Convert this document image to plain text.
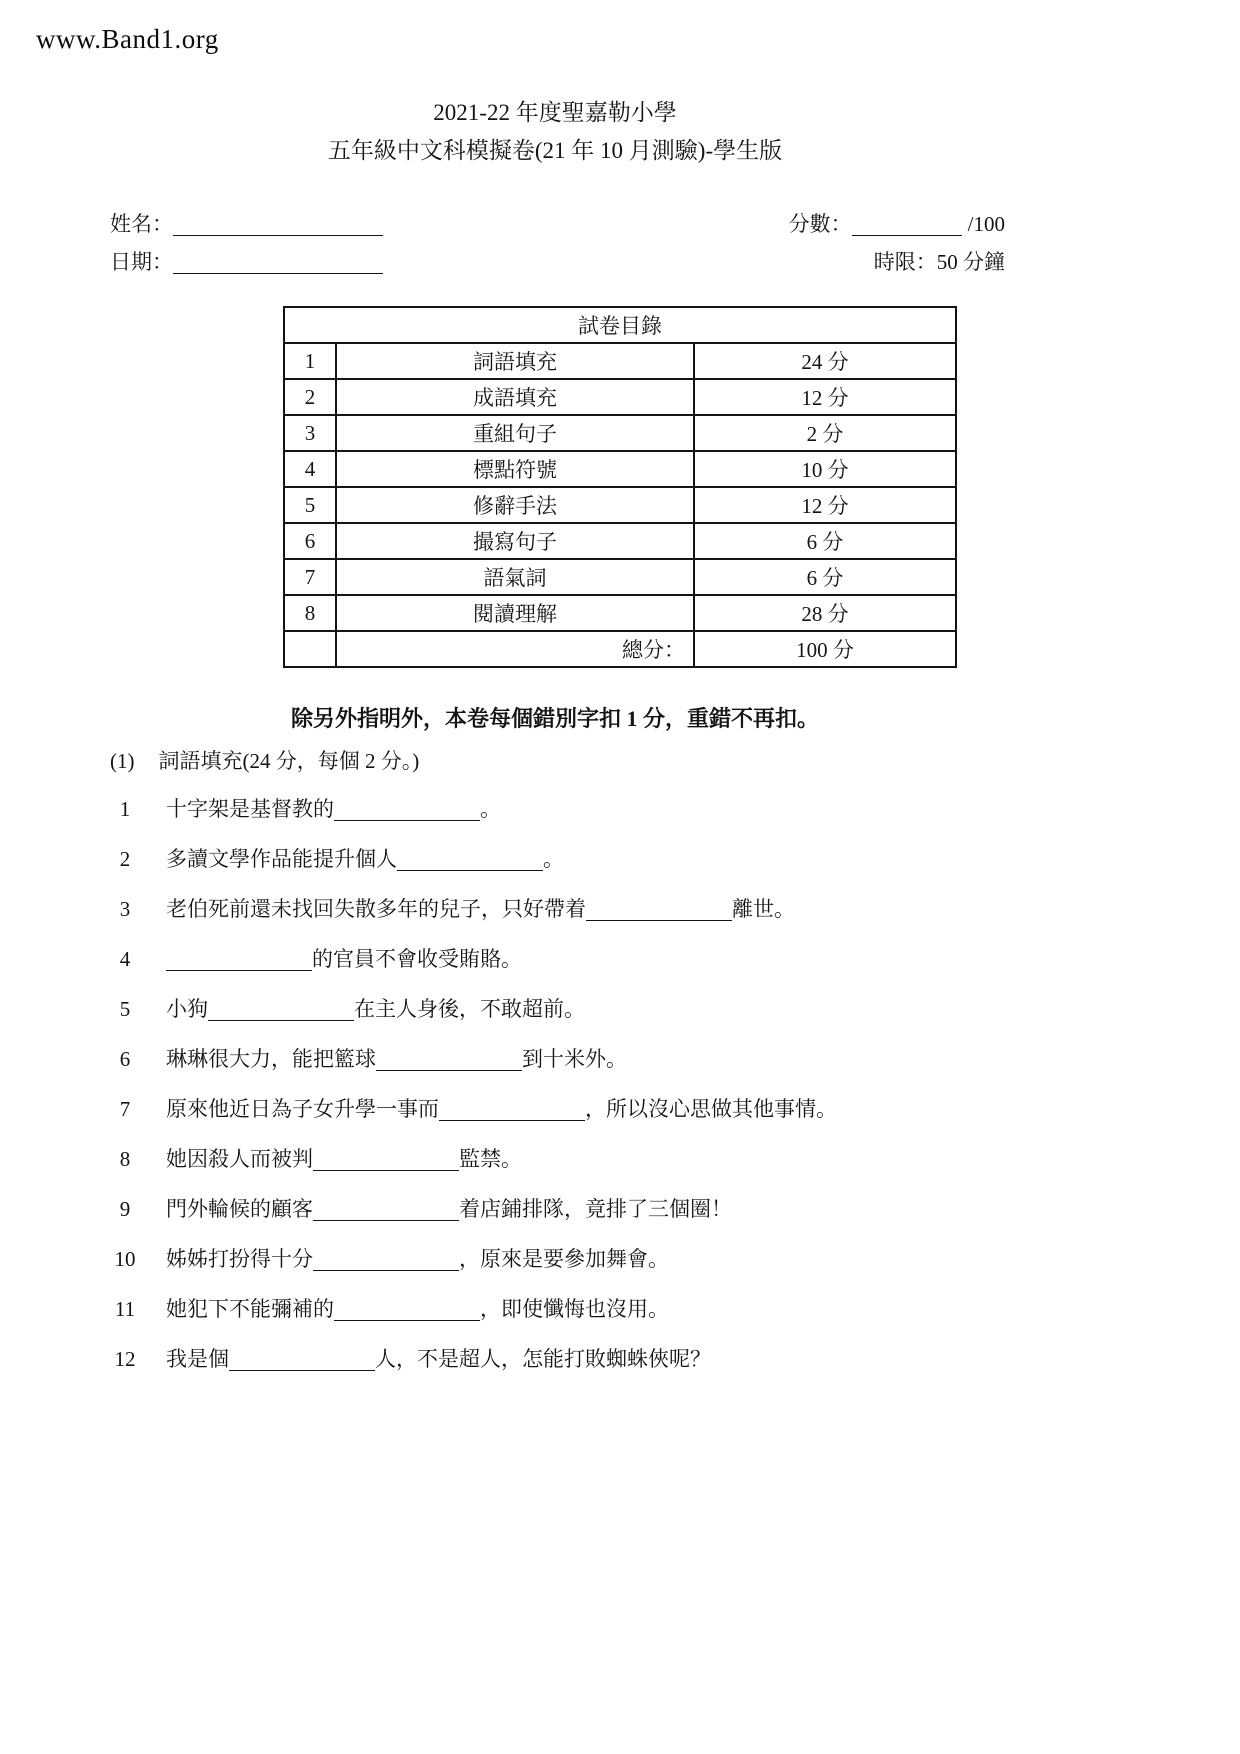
www.Band1.org
2021-22 年度聖嘉勒小學
五年級中文科模擬卷(21 年 10 月測驗)-學生版
姓名：	分數：	/100
日期：	時限：50 分鐘
試卷目錄		
1	詞語填充	24 分
2	成語填充	12 分
3	重組句子	2 分
4	標點符號	10 分
5	修辭手法	12 分
6	撮寫句子	6 分
7	語氣詞	6 分
8	閱讀理解	28 分
	總分：	100 分
除另外指明外，本卷每個錯別字扣 1 分，重錯不再扣。
(1) 詞語填充(24 分，每個 2 分。)
1 十字架是基督教的	。
2 多讀文學作品能提升個人	。
3 老伯死前還未找回失散多年的兒子，只好帶着	離世。
4	的官員不會收受賄賂。
5 小狗	在主人身後，不敢超前。
6 琳琳很大力，能把籃球	到十米外。
7 原來他近日為子女升學一事而	，所以沒心思做其他事情。
8 她因殺人而被判	監禁。
9 門外輪候的顧客	着店鋪排隊，竟排了三個圈！
10 姊姊打扮得十分	，原來是要參加舞會。
11 她犯下不能彌補的	，即使懺悔也沒用。
12 我是個	人，不是超人，怎能打敗蜘蛛俠呢？
